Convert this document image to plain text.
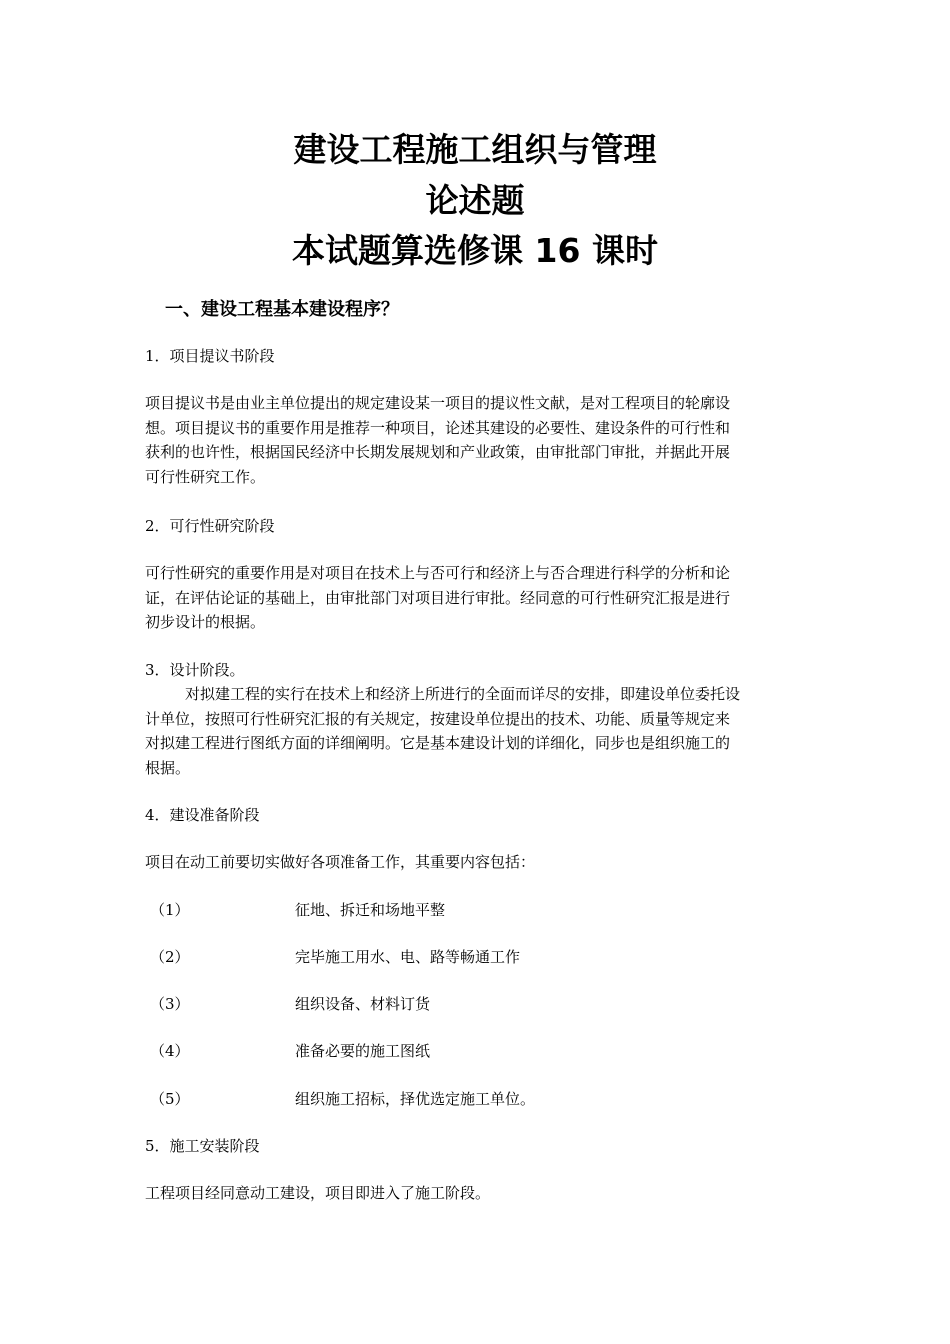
建设工程施工组织与管理
论述题
本试题算选修课 16 课时
一、建设工程基本建设程序？
1．项目提议书阶段
项目提议书是由业主单位提出的规定建设某一项目的提议性文献，是对工程项目的轮廓设
想。项目提议书的重要作用是推荐一种项目，论述其建设的必要性、建设条件的可行性和
获利的也许性，根据国民经济中长期发展规划和产业政策，由审批部门审批，并据此开展
可行性研究工作。
2．可行性研究阶段
可行性研究的重要作用是对项目在技术上与否可行和经济上与否合理进行科学的分析和论
证，在评估论证的基础上，由审批部门对项目进行审批。经同意的可行性研究汇报是进行
初步设计的根据。
3．设计阶段。
对拟建工程的实行在技术上和经济上所进行的全面而详尽的安排，即建设单位委托设
计单位，按照可行性研究汇报的有关规定，按建设单位提出的技术、功能、质量等规定来
对拟建工程进行图纸方面的详细阐明。它是基本建设计划的详细化，同步也是组织施工的
根据。
4．建设准备阶段
项目在动工前要切实做好各项准备工作，其重要内容包括：
（1）	征地、拆迁和场地平整
（2）	完毕施工用水、电、路等畅通工作
（3）	组织设备、材料订货
（4）	准备必要的施工图纸
（5）	组织施工招标，择优选定施工单位。
5．施工安装阶段
工程项目经同意动工建设，项目即进入了施工阶段。
